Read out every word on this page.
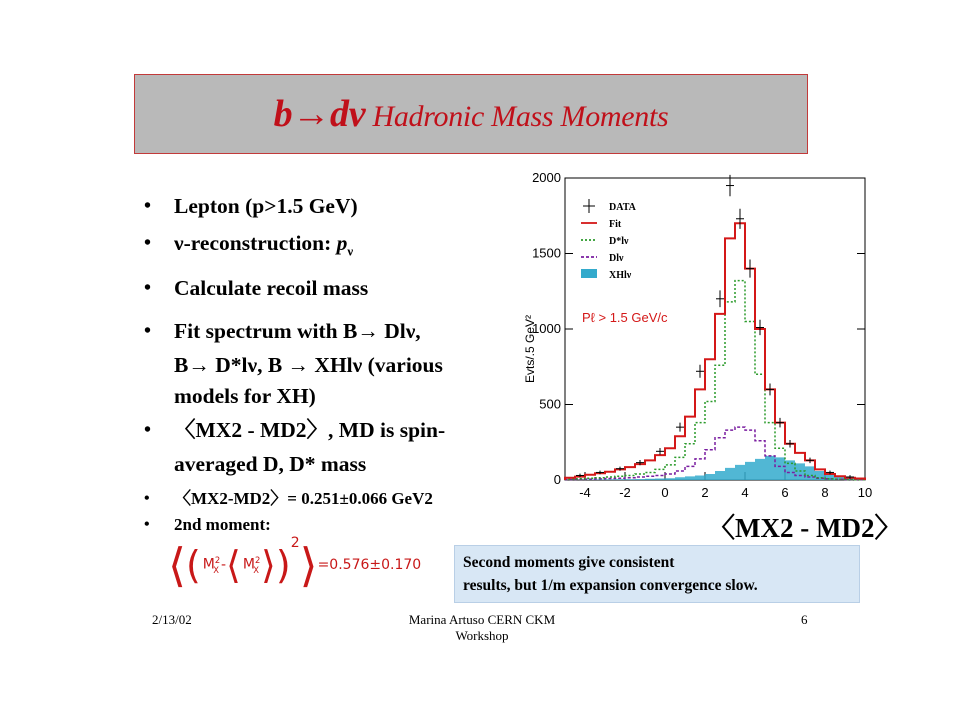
b→dν Hadronic Mass Moments
• Lepton (p>1.5 GeV)
• ν-reconstruction: $p_\nu$
• Calculate recoil mass
• Fit spectrum with B→ Dlν,
B→ D*lν, B → XHlν (various
models for XH)
• 〈MX2 - MD2〉, MD is spin-
averaged D, D* mass
• 〈MX2-MD2〉= 0.251±0.066 GeV2
• 2nd moment:
⟨ ( $M^2_X$ - ⟨ $M^2_X$ ⟩) 2 ⟩ =0.576±0.170	Second moments give consistent
results, but 1/m expansion convergence slow.
〈MX2 - MD2〉
0
500
1000
1500
2000
-4 -2 0	2	4	6	8 10
Evts/.5 GeV²
DATA
Fit
D*lν
Dlν
XHlν
Pℓ > 1.5 GeV/c
2/13/02	Marina Artuso CERN CKM
Workshop
6
